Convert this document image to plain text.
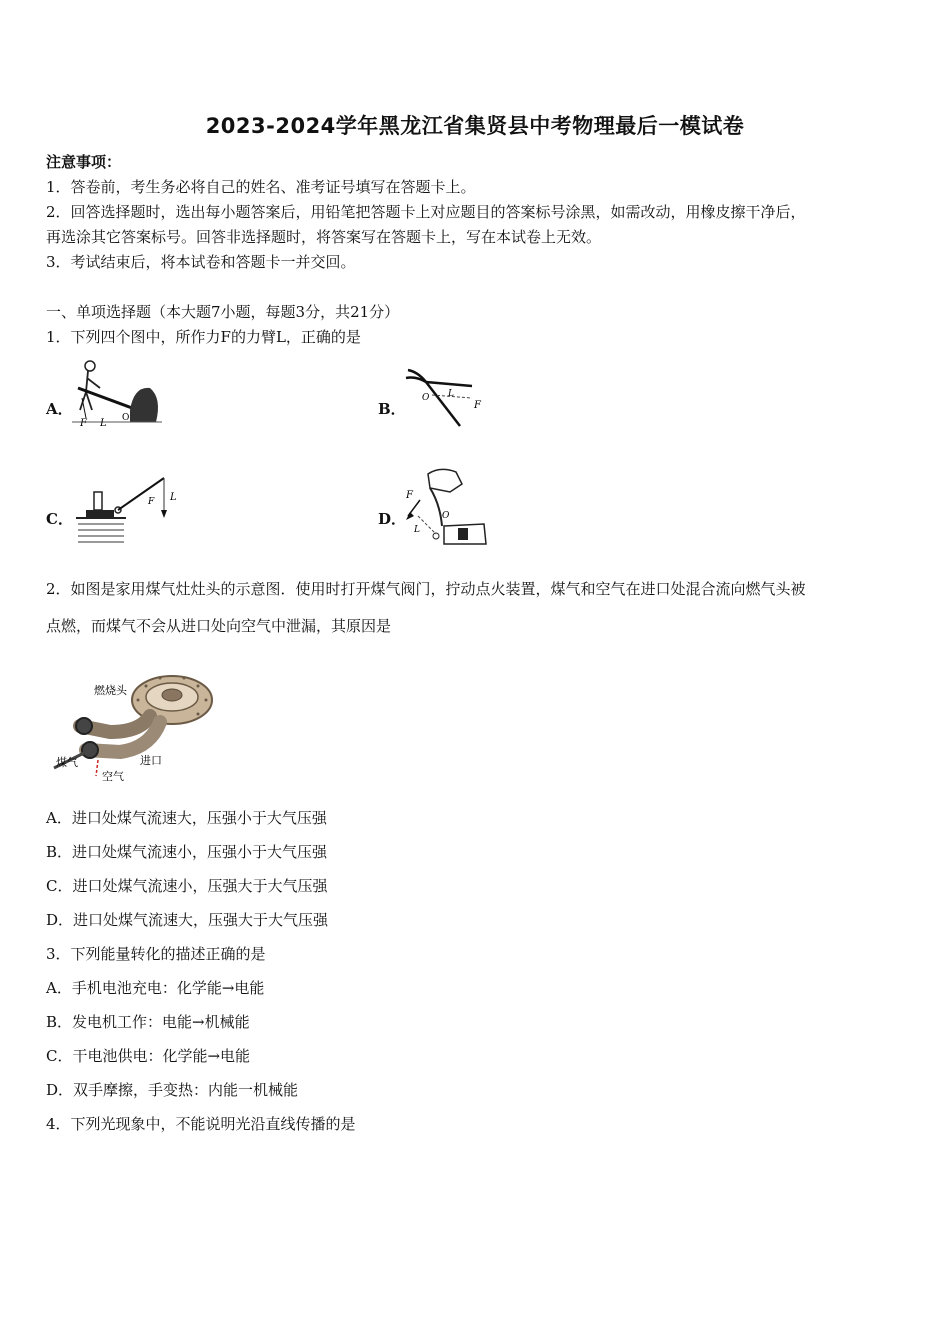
2023-2024学年黑龙江省集贤县中考物理最后一模试卷
注意事项：
1．答卷前，考生务必将自己的姓名、准考证号填写在答题卡上。
2．回答选择题时，选出每小题答案后，用铅笔把答题卡上对应题目的答案标号涂黑，如需改动，用橡皮擦干净后，
再选涂其它答案标号。回答非选择题时，将答案写在答题卡上，写在本试卷上无效。
3．考试结束后，将本试卷和答题卡一并交回。
一、单项选择题（本大题7小题，每题3分，共21分）
1．下列四个图中，所作力F的力臂L，正确的是
A．
F L O	B．
O L
F
C．
F L
D．
F
L
O
2．如图是家用煤气灶灶头的示意图．使用时打开煤气阀门，拧动点火装置，煤气和空气在进口处混合流向燃气头被
点燃，而煤气不会从进口处向空气中泄漏，其原因是
燃烧头
煤气	进口
空气
A．进口处煤气流速大，压强小于大气压强
B．进口处煤气流速小，压强小于大气压强
C．进口处煤气流速小，压强大于大气压强
D．进口处煤气流速大，压强大于大气压强
3．下列能量转化的描述正确的是
A．手机电池充电：化学能→电能
B．发电机工作：电能→机械能
C．干电池供电：化学能→电能
D．双手摩擦，手变热：内能一机械能
4．下列光现象中，不能说明光沿直线传播的是
